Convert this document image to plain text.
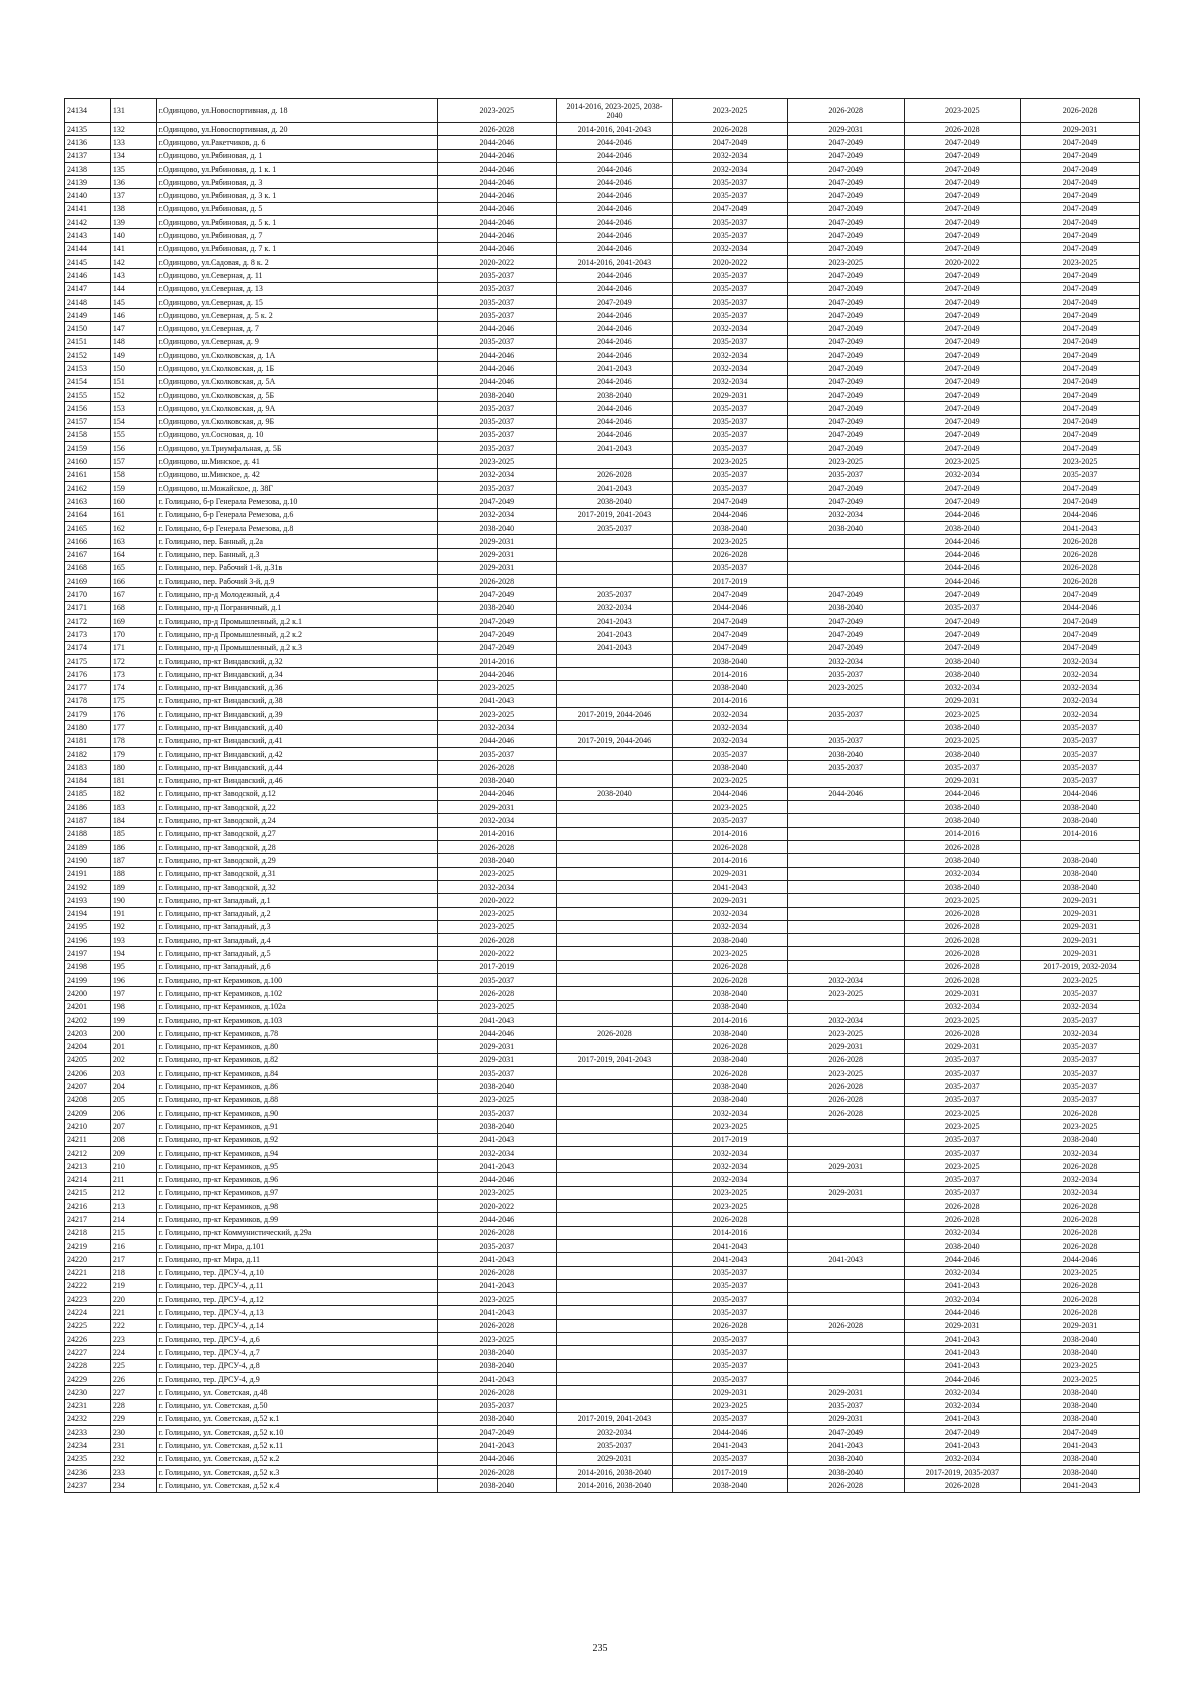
24134	131	г.Одинцово, ул.Новоспортивная, д. 18	2023-2025	2014-2016, 2023-2025, 2038-2040	2023-2025	2026-2028	2023-2025	2026-2028
24135	132	г.Одинцово, ул.Новоспортивная, д. 20	2026-2028	2014-2016, 2041-2043	2026-2028	2029-2031	2026-2028	2029-2031
24136	133	г.Одинцово, ул.Ракетчиков, д. 6	2044-2046	2044-2046	2047-2049	2047-2049	2047-2049	2047-2049
24137	134	г.Одинцово, ул.Рябиновая, д. 1	2044-2046	2044-2046	2032-2034	2047-2049	2047-2049	2047-2049
24138	135	г.Одинцово, ул.Рябиновая, д. 1 к. 1	2044-2046	2044-2046	2032-2034	2047-2049	2047-2049	2047-2049
24139	136	г.Одинцово, ул.Рябиновая, д. 3	2044-2046	2044-2046	2035-2037	2047-2049	2047-2049	2047-2049
24140	137	г.Одинцово, ул.Рябиновая, д. 3 к. 1	2044-2046	2044-2046	2035-2037	2047-2049	2047-2049	2047-2049
24141	138	г.Одинцово, ул.Рябиновая, д. 5	2044-2046	2044-2046	2047-2049	2047-2049	2047-2049	2047-2049
24142	139	г.Одинцово, ул.Рябиновая, д. 5 к. 1	2044-2046	2044-2046	2035-2037	2047-2049	2047-2049	2047-2049
24143	140	г.Одинцово, ул.Рябиновая, д. 7	2044-2046	2044-2046	2035-2037	2047-2049	2047-2049	2047-2049
24144	141	г.Одинцово, ул.Рябиновая, д. 7 к. 1	2044-2046	2044-2046	2032-2034	2047-2049	2047-2049	2047-2049
24145	142	г.Одинцово, ул.Садовая, д. 8 к. 2	2020-2022	2014-2016, 2041-2043	2020-2022	2023-2025	2020-2022	2023-2025
24146	143	г.Одинцово, ул.Северная, д. 11	2035-2037	2044-2046	2035-2037	2047-2049	2047-2049	2047-2049
24147	144	г.Одинцово, ул.Северная, д. 13	2035-2037	2044-2046	2035-2037	2047-2049	2047-2049	2047-2049
24148	145	г.Одинцово, ул.Северная, д. 15	2035-2037	2047-2049	2035-2037	2047-2049	2047-2049	2047-2049
24149	146	г.Одинцово, ул.Северная, д. 5 к. 2	2035-2037	2044-2046	2035-2037	2047-2049	2047-2049	2047-2049
24150	147	г.Одинцово, ул.Северная, д. 7	2044-2046	2044-2046	2032-2034	2047-2049	2047-2049	2047-2049
24151	148	г.Одинцово, ул.Северная, д. 9	2035-2037	2044-2046	2035-2037	2047-2049	2047-2049	2047-2049
24152	149	г.Одинцово, ул.Сколковская, д. 1А	2044-2046	2044-2046	2032-2034	2047-2049	2047-2049	2047-2049
24153	150	г.Одинцово, ул.Сколковская, д. 1Б	2044-2046	2041-2043	2032-2034	2047-2049	2047-2049	2047-2049
24154	151	г.Одинцово, ул.Сколковская, д. 5А	2044-2046	2044-2046	2032-2034	2047-2049	2047-2049	2047-2049
24155	152	г.Одинцово, ул.Сколковская, д. 5Б	2038-2040	2038-2040	2029-2031	2047-2049	2047-2049	2047-2049
24156	153	г.Одинцово, ул.Сколковская, д. 9А	2035-2037	2044-2046	2035-2037	2047-2049	2047-2049	2047-2049
24157	154	г.Одинцово, ул.Сколковская, д. 9Б	2035-2037	2044-2046	2035-2037	2047-2049	2047-2049	2047-2049
24158	155	г.Одинцово, ул.Сосновая, д. 10	2035-2037	2044-2046	2035-2037	2047-2049	2047-2049	2047-2049
24159	156	г.Одинцово, ул.Триумфальная, д. 5Б	2035-2037	2041-2043	2035-2037	2047-2049	2047-2049	2047-2049
24160	157	г.Одинцово, ш.Минское, д. 41	2023-2025		2023-2025	2023-2025	2023-2025	2023-2025
24161	158	г.Одинцово, ш.Минское, д. 42	2032-2034	2026-2028	2035-2037	2035-2037	2032-2034	2035-2037
24162	159	г.Одинцово, ш.Можайское, д. 38Г	2035-2037	2041-2043	2035-2037	2047-2049	2047-2049	2047-2049
24163	160	г. Голицыно, б-р Генерала Ремезова, д.10	2047-2049	2038-2040	2047-2049	2047-2049	2047-2049	2047-2049
24164	161	г. Голицыно, б-р Генерала Ремезова, д.6	2032-2034	2017-2019, 2041-2043	2044-2046	2032-2034	2044-2046	2044-2046
24165	162	г. Голицыно, б-р Генерала Ремезова, д.8	2038-2040	2035-2037	2038-2040	2038-2040	2038-2040	2041-2043
24166	163	г. Голицыно, пер. Банный, д.2а	2029-2031		2023-2025		2044-2046	2026-2028
24167	164	г. Голицыно, пер. Банный, д.3	2029-2031		2026-2028		2044-2046	2026-2028
24168	165	г. Голицыно, пер. Рабочий 1-й, д.31в	2029-2031		2035-2037		2044-2046	2026-2028
24169	166	г. Голицыно, пер. Рабочий 3-й, д.9	2026-2028		2017-2019		2044-2046	2026-2028
24170	167	г. Голицыно, пр-д Молодежный, д.4	2047-2049	2035-2037	2047-2049	2047-2049	2047-2049	2047-2049
24171	168	г. Голицыно, пр-д Пограничный, д.1	2038-2040	2032-2034	2044-2046	2038-2040	2035-2037	2044-2046
24172	169	г. Голицыно, пр-д Промышленный, д.2 к.1	2047-2049	2041-2043	2047-2049	2047-2049	2047-2049	2047-2049
24173	170	г. Голицыно, пр-д Промышленный, д.2 к.2	2047-2049	2041-2043	2047-2049	2047-2049	2047-2049	2047-2049
24174	171	г. Голицыно, пр-д Промышленный, д.2 к.3	2047-2049	2041-2043	2047-2049	2047-2049	2047-2049	2047-2049
24175	172	г. Голицыно, пр-кт Виндавский, д.32	2014-2016		2038-2040	2032-2034	2038-2040	2032-2034
24176	173	г. Голицыно, пр-кт Виндавский, д.34	2044-2046		2014-2016	2035-2037	2038-2040	2032-2034
24177	174	г. Голицыно, пр-кт Виндавский, д.36	2023-2025		2038-2040	2023-2025	2032-2034	2032-2034
24178	175	г. Голицыно, пр-кт Виндавский, д.38	2041-2043		2014-2016		2029-2031	2032-2034
24179	176	г. Голицыно, пр-кт Виндавский, д.39	2023-2025	2017-2019, 2044-2046	2032-2034	2035-2037	2023-2025	2032-2034
24180	177	г. Голицыно, пр-кт Виндавский, д.40	2032-2034		2032-2034		2038-2040	2035-2037
24181	178	г. Голицыно, пр-кт Виндавский, д.41	2044-2046	2017-2019, 2044-2046	2032-2034	2035-2037	2023-2025	2035-2037
24182	179	г. Голицыно, пр-кт Виндавский, д.42	2035-2037		2035-2037	2038-2040	2038-2040	2035-2037
24183	180	г. Голицыно, пр-кт Виндавский, д.44	2026-2028		2038-2040	2035-2037	2035-2037	2035-2037
24184	181	г. Голицыно, пр-кт Виндавский, д.46	2038-2040		2023-2025		2029-2031	2035-2037
24185	182	г. Голицыно, пр-кт Заводской, д.12	2044-2046	2038-2040	2044-2046	2044-2046	2044-2046	2044-2046
24186	183	г. Голицыно, пр-кт Заводской, д.22	2029-2031		2023-2025		2038-2040	2038-2040
24187	184	г. Голицыно, пр-кт Заводской, д.24	2032-2034		2035-2037		2038-2040	2038-2040
24188	185	г. Голицыно, пр-кт Заводской, д.27	2014-2016		2014-2016		2014-2016	2014-2016
24189	186	г. Голицыно, пр-кт Заводской, д.28	2026-2028		2026-2028		2026-2028	
24190	187	г. Голицыно, пр-кт Заводской, д.29	2038-2040		2014-2016		2038-2040	2038-2040
24191	188	г. Голицыно, пр-кт Заводской, д.31	2023-2025		2029-2031		2032-2034	2038-2040
24192	189	г. Голицыно, пр-кт Заводской, д.32	2032-2034		2041-2043		2038-2040	2038-2040
24193	190	г. Голицыно, пр-кт Западный, д.1	2020-2022		2029-2031		2023-2025	2029-2031
24194	191	г. Голицыно, пр-кт Западный, д.2	2023-2025		2032-2034		2026-2028	2029-2031
24195	192	г. Голицыно, пр-кт Западный, д.3	2023-2025		2032-2034		2026-2028	2029-2031
24196	193	г. Голицыно, пр-кт Западный, д.4	2026-2028		2038-2040		2026-2028	2029-2031
24197	194	г. Голицыно, пр-кт Западный, д.5	2020-2022		2023-2025		2026-2028	2029-2031
24198	195	г. Голицыно, пр-кт Западный, д.6	2017-2019		2026-2028		2026-2028	2017-2019, 2032-2034
24199	196	г. Голицыно, пр-кт Керамиков, д.100	2035-2037		2026-2028	2032-2034	2026-2028	2023-2025
24200	197	г. Голицыно, пр-кт Керамиков, д.102	2026-2028		2038-2040	2023-2025	2029-2031	2035-2037
24201	198	г. Голицыно, пр-кт Керамиков, д.102а	2023-2025		2038-2040		2032-2034	2032-2034
24202	199	г. Голицыно, пр-кт Керамиков, д.103	2041-2043		2014-2016	2032-2034	2023-2025	2035-2037
24203	200	г. Голицыно, пр-кт Керамиков, д.78	2044-2046	2026-2028	2038-2040	2023-2025	2026-2028	2032-2034
24204	201	г. Голицыно, пр-кт Керамиков, д.80	2029-2031		2026-2028	2029-2031	2029-2031	2035-2037
24205	202	г. Голицыно, пр-кт Керамиков, д.82	2029-2031	2017-2019, 2041-2043	2038-2040	2026-2028	2035-2037	2035-2037
24206	203	г. Голицыно, пр-кт Керамиков, д.84	2035-2037		2026-2028	2023-2025	2035-2037	2035-2037
24207	204	г. Голицыно, пр-кт Керамиков, д.86	2038-2040		2038-2040	2026-2028	2035-2037	2035-2037
24208	205	г. Голицыно, пр-кт Керамиков, д.88	2023-2025		2038-2040	2026-2028	2035-2037	2035-2037
24209	206	г. Голицыно, пр-кт Керамиков, д.90	2035-2037		2032-2034	2026-2028	2023-2025	2026-2028
24210	207	г. Голицыно, пр-кт Керамиков, д.91	2038-2040		2023-2025		2023-2025	2023-2025
24211	208	г. Голицыно, пр-кт Керамиков, д.92	2041-2043		2017-2019		2035-2037	2038-2040
24212	209	г. Голицыно, пр-кт Керамиков, д.94	2032-2034		2032-2034		2035-2037	2032-2034
24213	210	г. Голицыно, пр-кт Керамиков, д.95	2041-2043		2032-2034	2029-2031	2023-2025	2026-2028
24214	211	г. Голицыно, пр-кт Керамиков, д.96	2044-2046		2032-2034		2035-2037	2032-2034
24215	212	г. Голицыно, пр-кт Керамиков, д.97	2023-2025		2023-2025	2029-2031	2035-2037	2032-2034
24216	213	г. Голицыно, пр-кт Керамиков, д.98	2020-2022		2023-2025		2026-2028	2026-2028
24217	214	г. Голицыно, пр-кт Керамиков, д.99	2044-2046		2026-2028		2026-2028	2026-2028
24218	215	г. Голицыно, пр-кт Коммунистический, д.29а	2026-2028		2014-2016		2032-2034	2026-2028
24219	216	г. Голицыно, пр-кт Мира, д.101	2035-2037		2041-2043		2038-2040	2026-2028
24220	217	г. Голицыно, пр-кт Мира, д.11	2041-2043		2041-2043	2041-2043	2044-2046	2044-2046
24221	218	г. Голицыно, тер. ДРСУ-4, д.10	2026-2028		2035-2037		2032-2034	2023-2025
24222	219	г. Голицыно, тер. ДРСУ-4, д.11	2041-2043		2035-2037		2041-2043	2026-2028
24223	220	г. Голицыно, тер. ДРСУ-4, д.12	2023-2025		2035-2037		2032-2034	2026-2028
24224	221	г. Голицыно, тер. ДРСУ-4, д.13	2041-2043		2035-2037		2044-2046	2026-2028
24225	222	г. Голицыно, тер. ДРСУ-4, д.14	2026-2028		2026-2028	2026-2028	2029-2031	2029-2031
24226	223	г. Голицыно, тер. ДРСУ-4, д.6	2023-2025		2035-2037		2041-2043	2038-2040
24227	224	г. Голицыно, тер. ДРСУ-4, д.7	2038-2040		2035-2037		2041-2043	2038-2040
24228	225	г. Голицыно, тер. ДРСУ-4, д.8	2038-2040		2035-2037		2041-2043	2023-2025
24229	226	г. Голицыно, тер. ДРСУ-4, д.9	2041-2043		2035-2037		2044-2046	2023-2025
24230	227	г. Голицыно, ул. Советская, д.48	2026-2028		2029-2031	2029-2031	2032-2034	2038-2040
24231	228	г. Голицыно, ул. Советская, д.50	2035-2037		2023-2025	2035-2037	2032-2034	2038-2040
24232	229	г. Голицыно, ул. Советская, д.52 к.1	2038-2040	2017-2019, 2041-2043	2035-2037	2029-2031	2041-2043	2038-2040
24233	230	г. Голицыно, ул. Советская, д.52 к.10	2047-2049	2032-2034	2044-2046	2047-2049	2047-2049	2047-2049
24234	231	г. Голицыно, ул. Советская, д.52 к.11	2041-2043	2035-2037	2041-2043	2041-2043	2041-2043	2041-2043
24235	232	г. Голицыно, ул. Советская, д.52 к.2	2044-2046	2029-2031	2035-2037	2038-2040	2032-2034	2038-2040
24236	233	г. Голицыно, ул. Советская, д.52 к.3	2026-2028	2014-2016, 2038-2040	2017-2019	2038-2040	2017-2019, 2035-2037	2038-2040
24237	234	г. Голицыно, ул. Советская, д.52 к.4	2038-2040	2014-2016, 2038-2040	2038-2040	2026-2028	2026-2028	2041-2043
235
